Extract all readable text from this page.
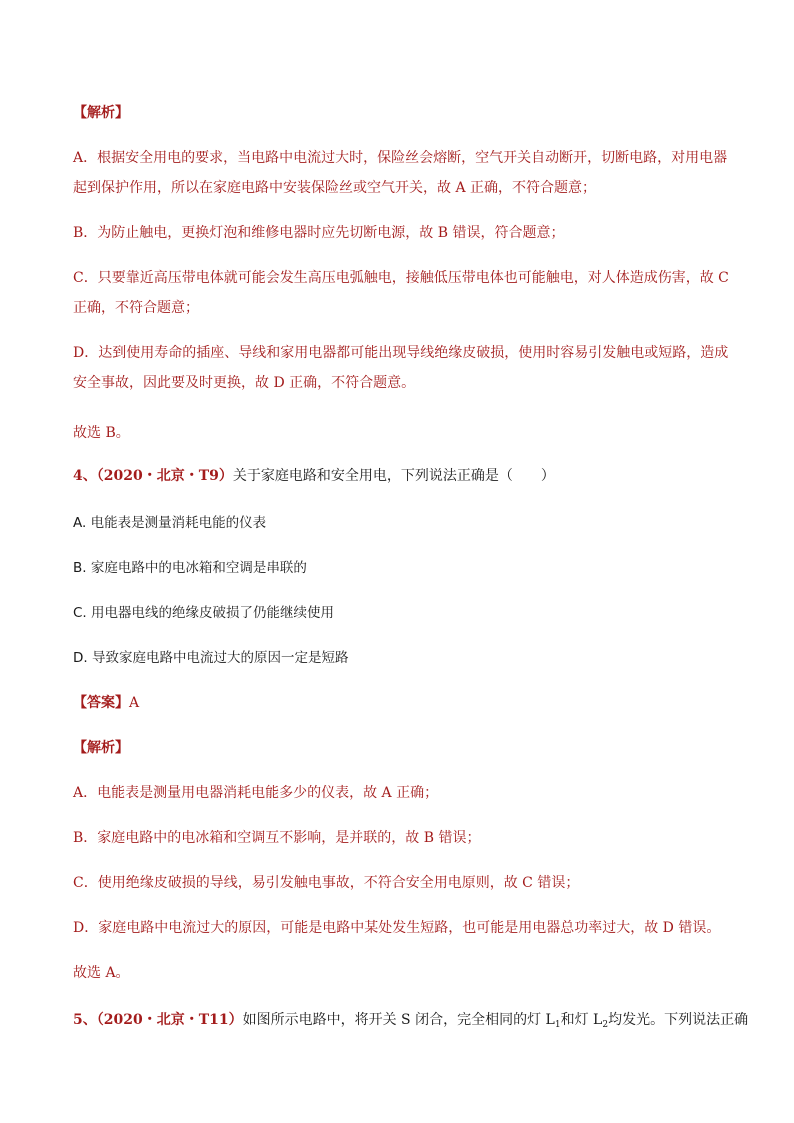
【解析】
A．根据安全用电的要求，当电路中电流过大时，保险丝会熔断，空气开关自动断开，切断电路，对用电器
起到保护作用，所以在家庭电路中安装保险丝或空气开关，故 A 正确，不符合题意；
B．为防止触电，更换灯泡和维修电器时应先切断电源，故 B 错误，符合题意；
C．只要靠近高压带电体就可能会发生高压电弧触电，接触低压带电体也可能触电，对人体造成伤害，故 C
正确，不符合题意；
D．达到使用寿命的插座、导线和家用电器都可能出现导线绝缘皮破损，使用时容易引发触电或短路，造成
安全事故，因此要及时更换，故 D 正确，不符合题意。
故选 B。
4、（2020・北京・T9）关于家庭电路和安全用电，下列说法正确是（　　）
A. 电能表是测量消耗电能的仪表
B. 家庭电路中的电冰箱和空调是串联的
C. 用电器电线的绝缘皮破损了仍能继续使用
D. 导致家庭电路中电流过大的原因一定是短路
【答案】A
【解析】
A．电能表是测量用电器消耗电能多少的仪表，故 A 正确；
B．家庭电路中的电冰箱和空调互不影响，是并联的，故 B 错误；
C．使用绝缘皮破损的导线，易引发触电事故，不符合安全用电原则，故 C 错误；
D．家庭电路中电流过大的原因，可能是电路中某处发生短路，也可能是用电器总功率过大，故 D 错误。
故选 A。
5、（2020・北京・T11）如图所示电路中，将开关 S 闭合，完全相同的灯 $L_1$和灯 $L_2$均发光。下列说法正确
